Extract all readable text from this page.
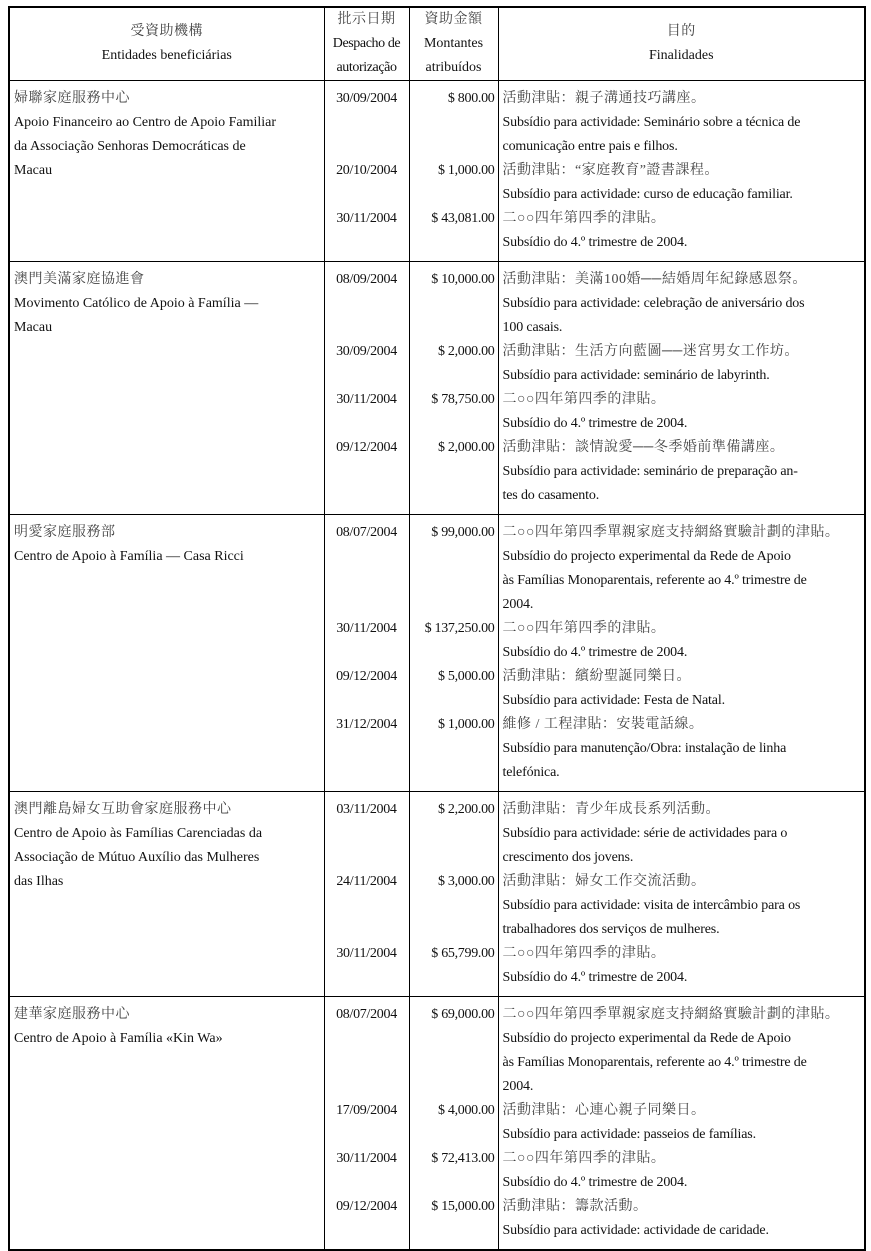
受資助機構
Entidades beneficiárias	批示日期
Despacho de
autorização	資助金額
Montantes
atribuídos	目的
Finalidades

婦聯家庭服務中心
Apoio Financeiro ao Centro de Apoio Familiar
da Associação Senhoras Democráticas de
Macau	30/09/2004	$ 800.00	活動津貼：親子溝通技巧講座。
Subsídio para actividade: Seminário sobre a técnica de
comunicação entre pais e filhos.

	20/10/2004	$ 1,000.00	活動津貼：“家庭教育”證書課程。
Subsídio para actividade: curso de educação familiar.

	30/11/2004	$ 43,081.00	二○○四年第四季的津貼。
Subsídio do 4.º trimestre de 2004.

澳門美滿家庭協進會
Movimento Católico de Apoio à Família —
Macau	08/09/2004	$ 10,000.00	活動津貼：美滿100婚──結婚周年紀錄感恩祭。
Subsídio para actividade: celebração de aniversário dos
100 casais.

	30/09/2004	$ 2,000.00	活動津貼：生活方向藍圖──迷宮男女工作坊。
Subsídio para actividade: seminário de labyrinth.

	30/11/2004	$ 78,750.00	二○○四年第四季的津貼。
Subsídio do 4.º trimestre de 2004.

	09/12/2004	$ 2,000.00	活動津貼：談情說愛──冬季婚前準備講座。
Subsídio para actividade: seminário de preparação an-
tes do casamento.

明愛家庭服務部
Centro de Apoio à Família — Casa Ricci	08/07/2004	$ 99,000.00	二○○四年第四季單親家庭支持網絡實驗計劃的津貼。
Subsídio do projecto experimental da Rede de Apoio
às Famílias Monoparentais, referente ao 4.º trimestre de
2004.

	30/11/2004	$ 137,250.00	二○○四年第四季的津貼。
Subsídio do 4.º trimestre de 2004.

	09/12/2004	$ 5,000.00	活動津貼：繽紛聖誕同樂日。
Subsídio para actividade: Festa de Natal.

	31/12/2004	$ 1,000.00	維修 / 工程津貼：安裝電話線。
Subsídio para manutenção/Obra: instalação de linha
telefónica.

澳門離島婦女互助會家庭服務中心
Centro de Apoio às Famílias Carenciadas da
Associação de Mútuo Auxílio das Mulheres
das Ilhas	03/11/2004	$ 2,200.00	活動津貼：青少年成長系列活動。
Subsídio para actividade: série de actividades para o
crescimento dos jovens.

	24/11/2004	$ 3,000.00	活動津貼：婦女工作交流活動。
Subsídio para actividade: visita de intercâmbio para os
trabalhadores dos serviços de mulheres.

	30/11/2004	$ 65,799.00	二○○四年第四季的津貼。
Subsídio do 4.º trimestre de 2004.

建華家庭服務中心
Centro de Apoio à Família «Kin Wa»	08/07/2004	$ 69,000.00	二○○四年第四季單親家庭支持網絡實驗計劃的津貼。
Subsídio do projecto experimental da Rede de Apoio
às Famílias Monoparentais, referente ao 4.º trimestre de
2004.

	17/09/2004	$ 4,000.00	活動津貼：心連心親子同樂日。
Subsídio para actividade: passeios de famílias.

	30/11/2004	$ 72,413.00	二○○四年第四季的津貼。
Subsídio do 4.º trimestre de 2004.

	09/12/2004	$ 15,000.00	活動津貼：籌款活動。
Subsídio para actividade: actividade de caridade.
